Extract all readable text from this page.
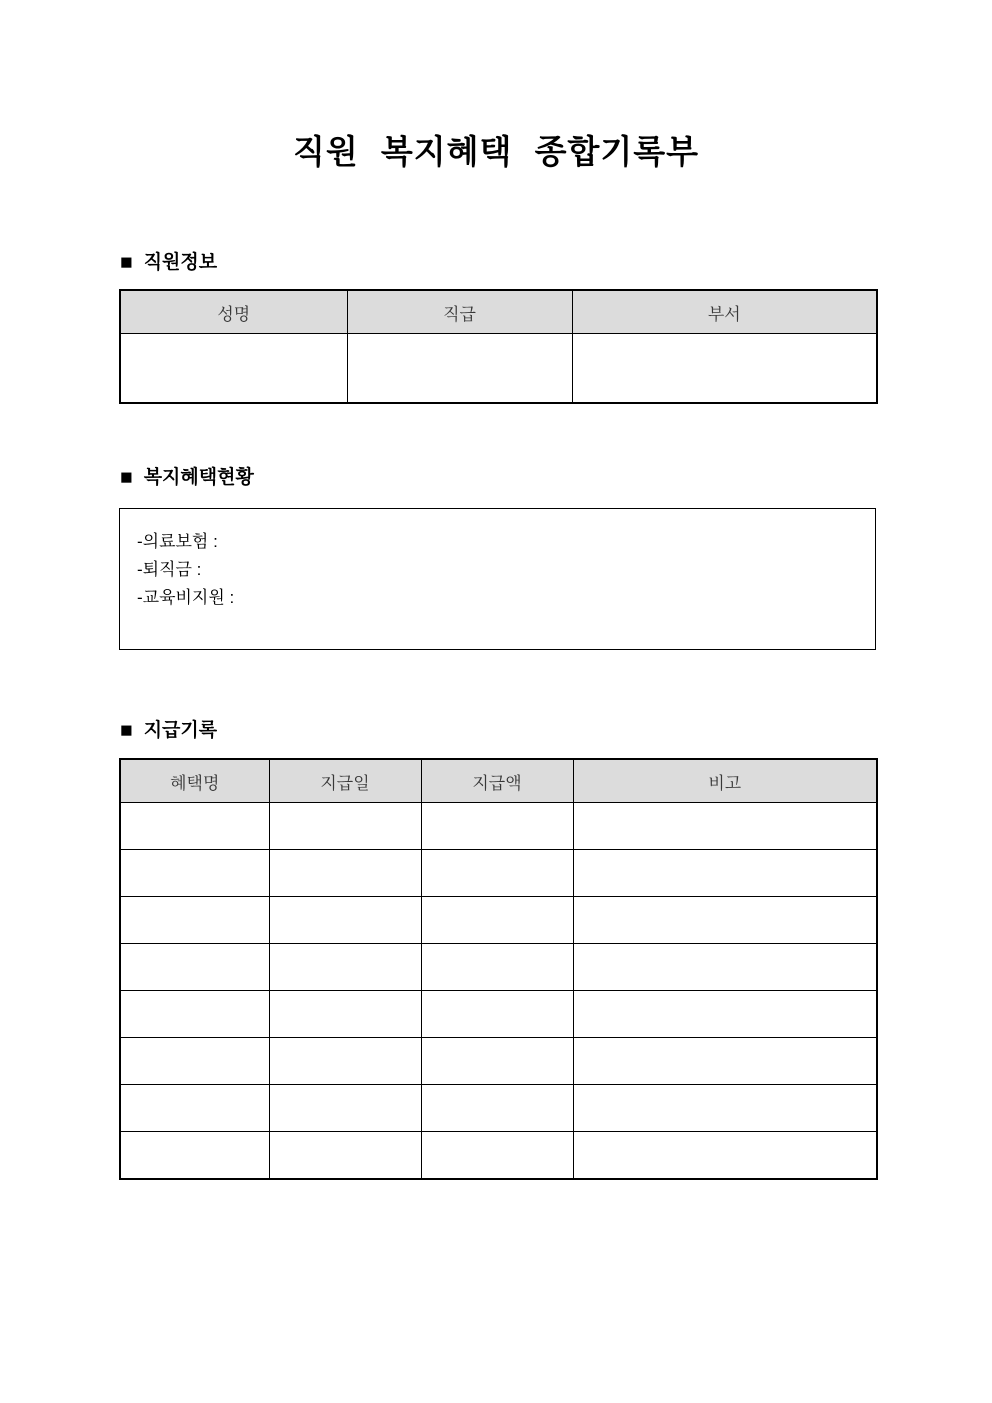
직원 복지혜택 종합기록부
■ 직원정보
성명	직급	부서

■ 복지혜택현황
-의료보험 :
-퇴직금 :
-교육비지원 :
■ 지급기록
혜택명	지급일	지급액	비고
